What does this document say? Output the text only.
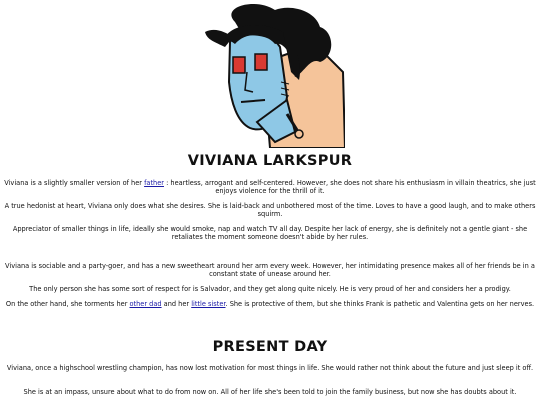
VIVIANA LARKSPUR

Viviana is a slightly smaller version of her father : heartless, arrogant and self-centered. However, she does not share his enthusiasm in villain theatrics, she just enjoys violence for the thrill of it.

A true hedonist at heart, Viviana only does what she desires. She is laid-back and unbothered most of the time. Loves to have a good laugh, and to make others squirm.

Appreciator of smaller things in life, ideally she would smoke, nap and watch TV all day. Despite her lack of energy, she is definitely not a gentle giant - she retaliates the moment someone doesn't abide by her rules.

Viviana is sociable and a party-goer, and has a new sweetheart around her arm every week. However, her intimidating presence makes all of her friends be in a constant state of unease around her.

The only person she has some sort of respect for is Salvador, and they get along quite nicely. He is very proud of her and considers her a prodigy.

On the other hand, she torments her other dad and her little sister. She is protective of them, but she thinks Frank is pathetic and Valentina gets on her nerves.

PRESENT DAY

Viviana, once a highschool wrestling champion, has now lost motivation for most things in life. She would rather not think about the future and just sleep it off.

She is at an impass, unsure about what to do from now on. All of her life she's been told to join the family business, but now she has doubts about it.
